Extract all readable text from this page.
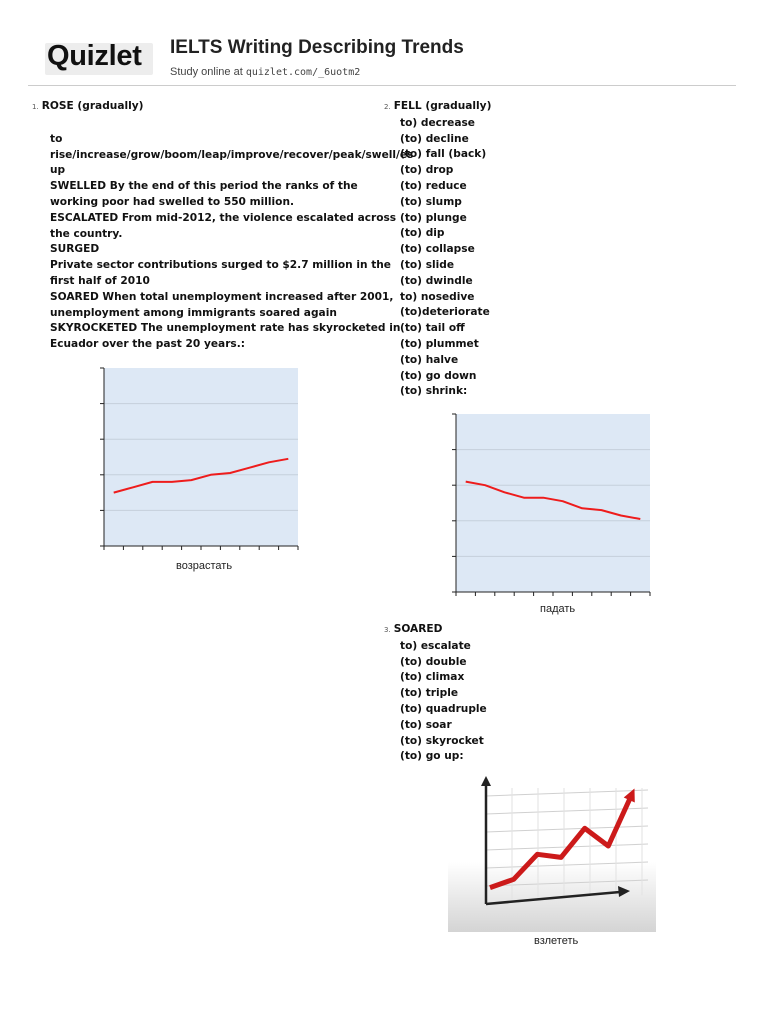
Quizlet IELTS Writing Describing Trends
Study online at quizlet.com/_6uotm2
1. ROSE (gradually)
to
rise/increase/grow/boom/leap/improve/recover/peak/swell/es
up
SWELLED By the end of this period the ranks of the
working poor had swelled to 550 million.
ESCALATED From mid-2012, the violence escalated across
the country.
SURGED
Private sector contributions surged to $2.7 million in the
first half of 2010
SOARED When total unemployment increased after 2001,
unemployment among immigrants soared again
SKYROCKETED The unemployment rate has skyrocketed in
Ecuador over the past 20 years.:
возрастать
2. FELL (gradually)
to) decrease
(to) decline
(to) fall (back)
(to) drop
(to) reduce
(to) slump
(to) plunge
(to) dip
(to) collapse
(to) slide
(to) dwindle
to) nosedive
(to)deteriorate
(to) tail off
(to) plummet
(to) halve
(to) go down
(to) shrink:
падать
3. SOARED
to) escalate
(to) double
(to) climax
(to) triple
(to) quadruple
(to) soar
(to) skyrocket
(to) go up:
взлететь
